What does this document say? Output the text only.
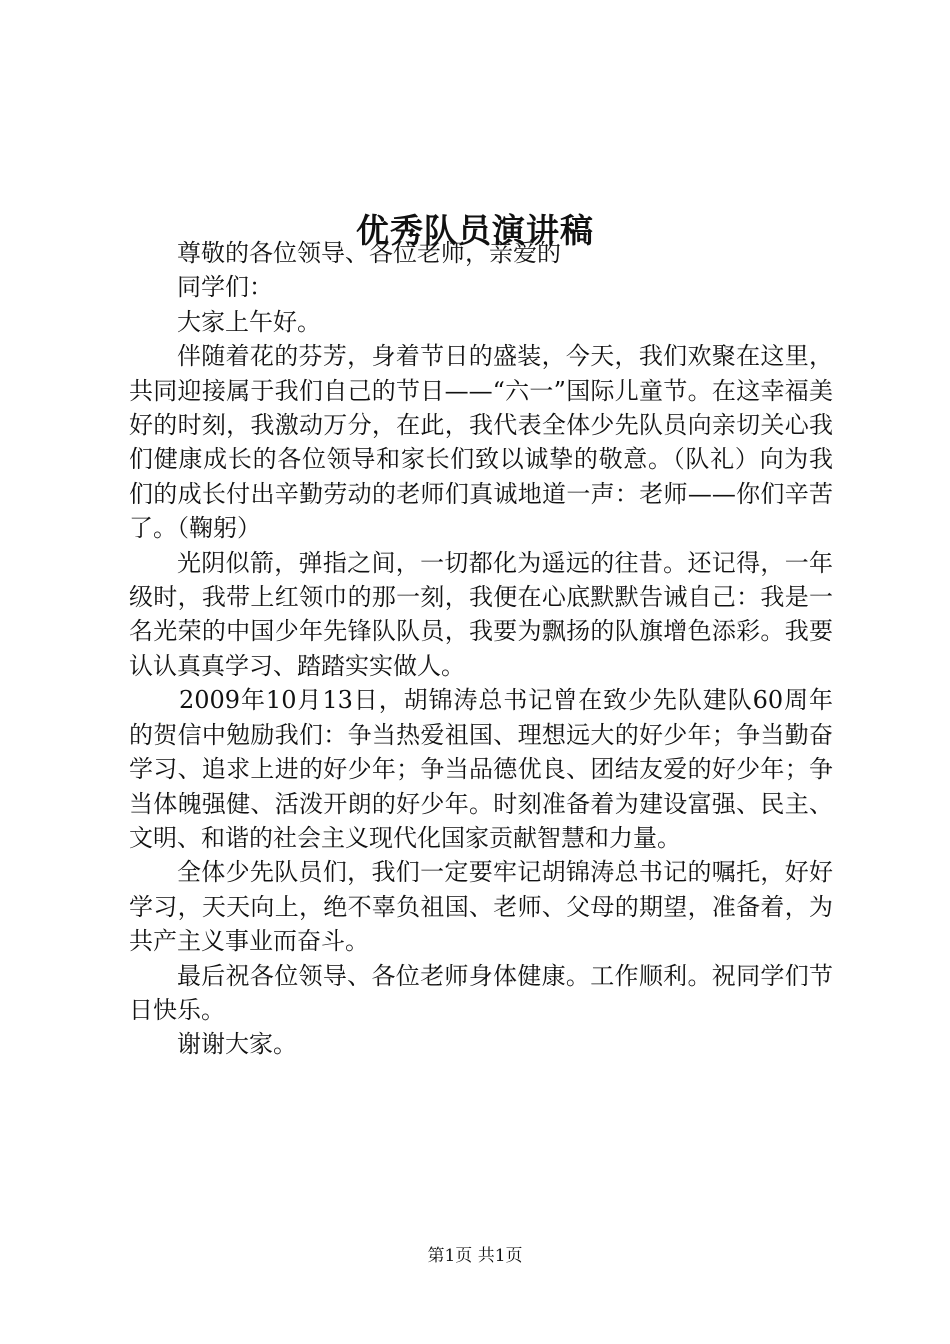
优秀队员演讲稿

尊敬的各位领导、各位老师，亲爱的

同学们：

大家上午好。

伴随着花的芬芳，身着节日的盛装，今天，我们欢聚在这里，共同迎接属于我们自己的节日——“六一”国际儿童节。在这幸福美好的时刻，我激动万分，在此，我代表全体少先队员向亲切关心我们健康成长的各位领导和家长们致以诚挚的敬意。（队礼）向为我们的成长付出辛勤劳动的老师们真诚地道一声：老师——你们辛苦了。（鞠躬）

光阴似箭，弹指之间，一切都化为遥远的往昔。还记得，一年级时，我带上红领巾的那一刻，我便在心底默默告诫自己：我是一名光荣的中国少年先锋队队员，我要为飘扬的队旗增色添彩。我要认认真真学习、踏踏实实做人。

2009年10月13日，胡锦涛总书记曾在致少先队建队60周年的贺信中勉励我们：争当热爱祖国、理想远大的好少年；争当勤奋学习、追求上进的好少年；争当品德优良、团结友爱的好少年；争当体魄强健、活泼开朗的好少年。时刻准备着为建设富强、民主、文明、和谐的社会主义现代化国家贡献智慧和力量。

全体少先队员们，我们一定要牢记胡锦涛总书记的嘱托，好好学习，天天向上，绝不辜负祖国、老师、父母的期望，准备着，为共产主义事业而奋斗。

最后祝各位领导、各位老师身体健康。工作顺利。祝同学们节日快乐。

谢谢大家。

第1页 共1页
